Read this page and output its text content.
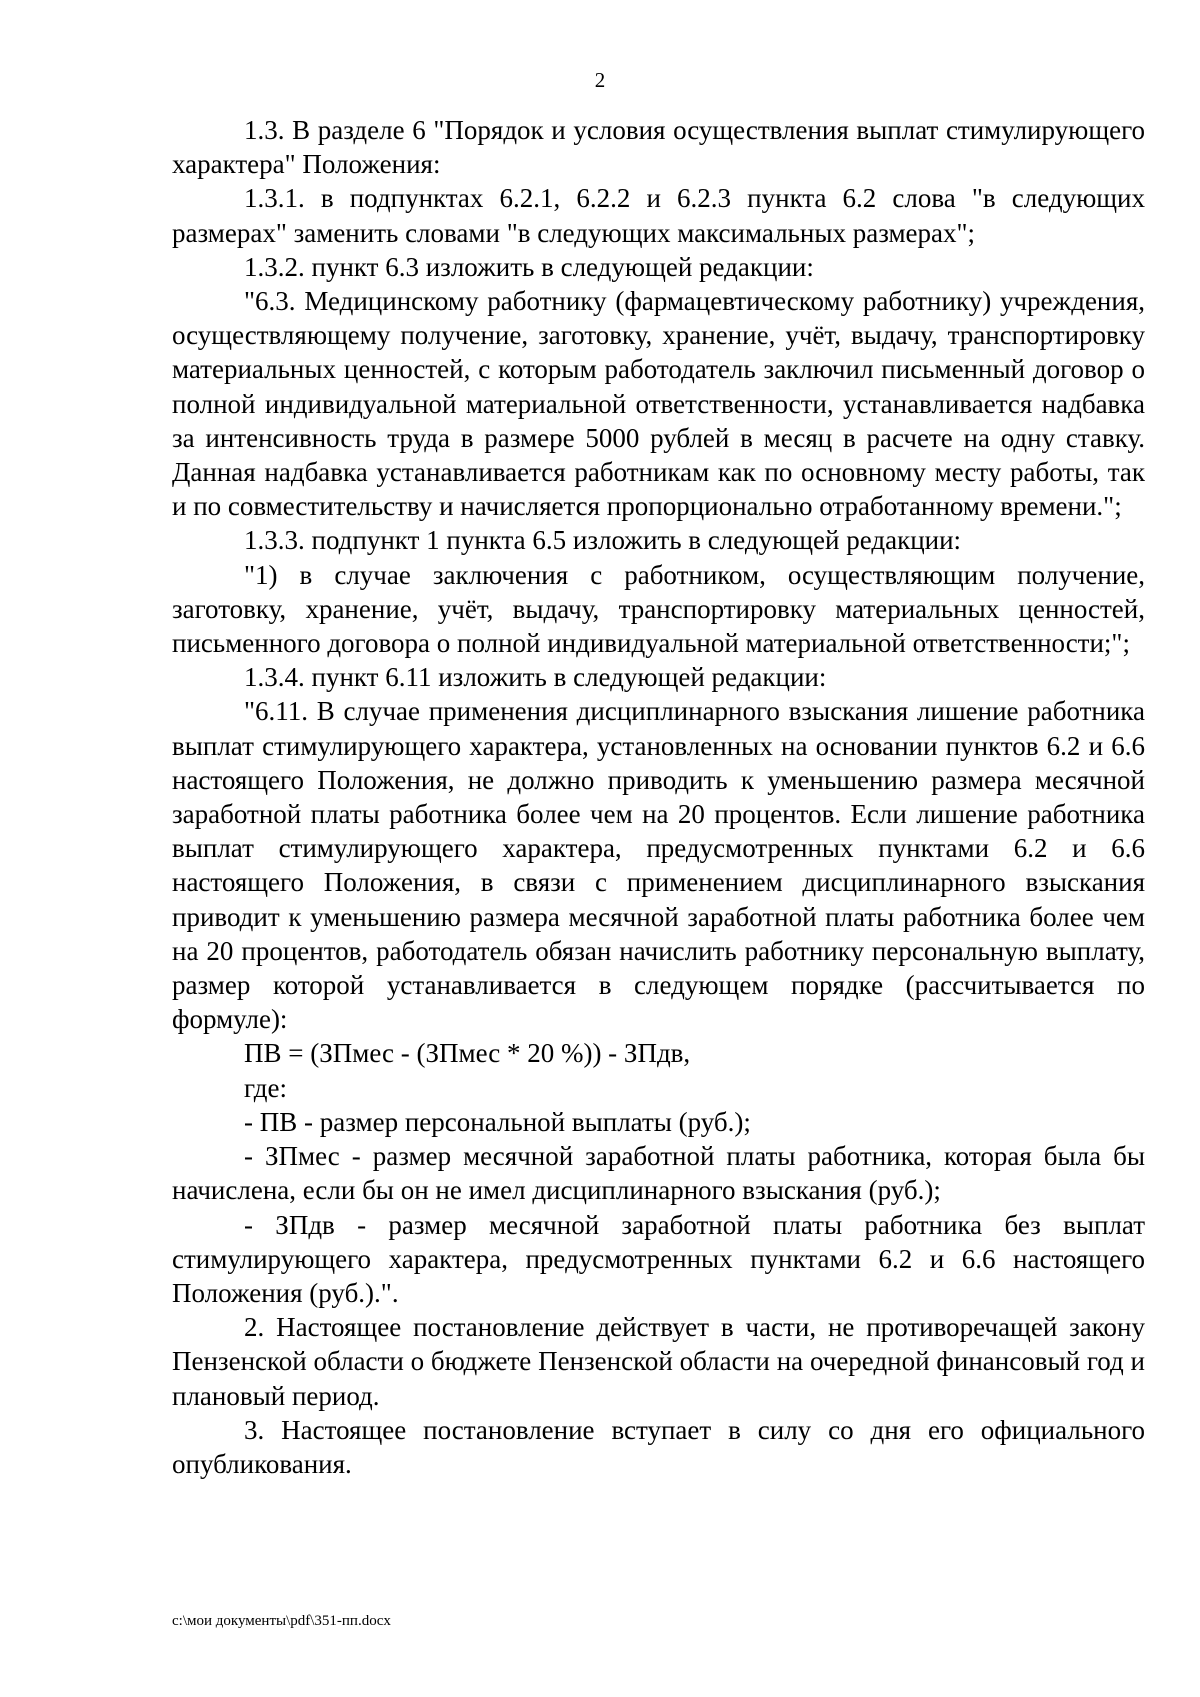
2

1.3. В разделе 6 "Порядок и условия осуществления выплат стимулирующего характера" Положения:

1.3.1. в подпунктах 6.2.1, 6.2.2 и 6.2.3 пункта 6.2 слова "в следующих размерах" заменить словами "в следующих максимальных размерах";

1.3.2. пункт 6.3 изложить в следующей редакции:

"6.3. Медицинскому работнику (фармацевтическому работнику) учреждения, осуществляющему получение, заготовку, хранение, учёт, выдачу, транспортировку материальных ценностей, с которым работодатель заключил письменный договор о полной индивидуальной материальной ответственности, устанавливается надбавка за интенсивность труда в размере 5000 рублей в месяц в расчете на одну ставку. Данная надбавка устанавливается работникам как по основному месту работы, так и по совместительству и начисляется пропорционально отработанному времени.";

1.3.3. подпункт 1 пункта 6.5 изложить в следующей редакции:

"1) в случае заключения с работником, осуществляющим получение, заготовку, хранение, учёт, выдачу, транспортировку материальных ценностей, письменного договора о полной индивидуальной материальной ответственности;";

1.3.4. пункт 6.11 изложить в следующей редакции:

"6.11. В случае применения дисциплинарного взыскания лишение работника выплат стимулирующего характера, установленных на основании пунктов 6.2 и 6.6 настоящего Положения, не должно приводить к уменьшению размера месячной заработной платы работника более чем на 20 процентов. Если лишение работника выплат стимулирующего характера, предусмотренных пунктами 6.2 и 6.6 настоящего Положения, в связи с применением дисциплинарного взыскания приводит к уменьшению размера месячной заработной платы работника более чем на 20 процентов, работодатель обязан начислить работнику персональную выплату, размер которой устанавливается в следующем порядке (рассчитывается по формуле):

ПВ = (ЗПмес - (ЗПмес * 20 %)) - ЗПдв,

где:

- ПВ - размер персональной выплаты (руб.);

- ЗПмес - размер месячной заработной платы работника, которая была бы начислена, если бы он не имел дисциплинарного взыскания (руб.);

- ЗПдв - размер месячной заработной платы работника без выплат стимулирующего характера, предусмотренных пунктами 6.2 и 6.6 настоящего Положения (руб.).".

2. Настоящее постановление действует в части, не противоречащей закону Пензенской области о бюджете Пензенской области на очередной финансовый год и плановый период.

3. Настоящее постановление вступает в силу со дня его официального опубликования.

c:\мои документы\pdf\351-пп.docx
